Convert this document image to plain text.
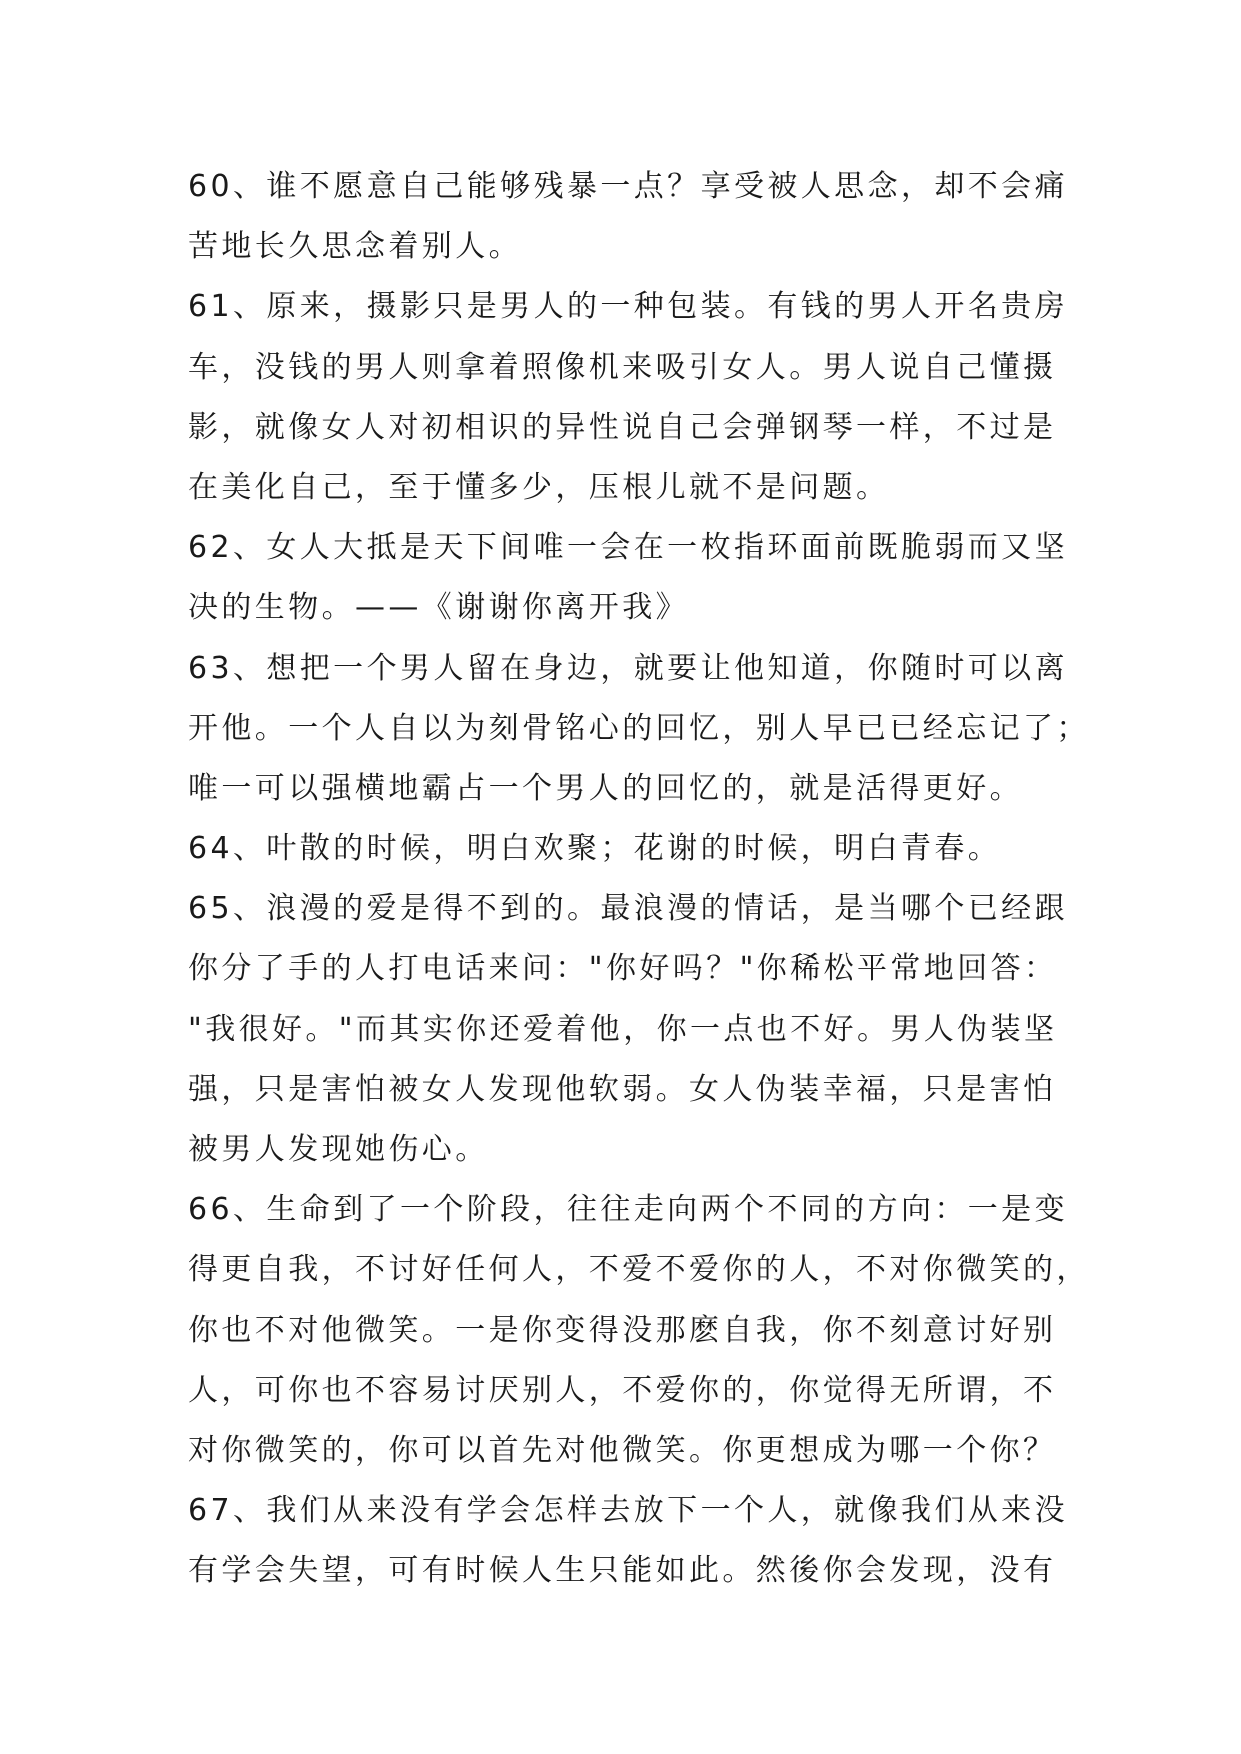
60、谁不愿意自己能够残暴一点？享受被人思念，却不会痛
苦地长久思念着别人。
61、原来，摄影只是男人的一种包装。有钱的男人开名贵房
车，没钱的男人则拿着照像机来吸引女人。男人说自己懂摄
影，就像女人对初相识的异性说自己会弹钢琴一样，不过是
在美化自己，至于懂多少，压根儿就不是问题。
62、女人大抵是天下间唯一会在一枚指环面前既脆弱而又坚
决的生物。——《谢谢你离开我》
63、想把一个男人留在身边，就要让他知道，你随时可以离
开他。一个人自以为刻骨铭心的回忆，别人早已已经忘记了；
唯一可以强横地霸占一个男人的回忆的，就是活得更好。
64、叶散的时候，明白欢聚；花谢的时候，明白青春。
65、浪漫的爱是得不到的。最浪漫的情话，是当哪个已经跟
你分了手的人打电话来问："你好吗？"你稀松平常地回答：
"我很好。"而其实你还爱着他，你一点也不好。男人伪装坚
强，只是害怕被女人发现他软弱。女人伪装幸福，只是害怕
被男人发现她伤心。
66、生命到了一个阶段，往往走向两个不同的方向：一是变
得更自我，不讨好任何人，不爱不爱你的人，不对你微笑的，
你也不对他微笑。一是你变得没那麽自我，你不刻意讨好别
人，可你也不容易讨厌别人，不爱你的，你觉得无所谓，不
对你微笑的，你可以首先对他微笑。你更想成为哪一个你？
67、我们从来没有学会怎样去放下一个人，就像我们从来没
有学会失望，可有时候人生只能如此。然後你会发现，没有
